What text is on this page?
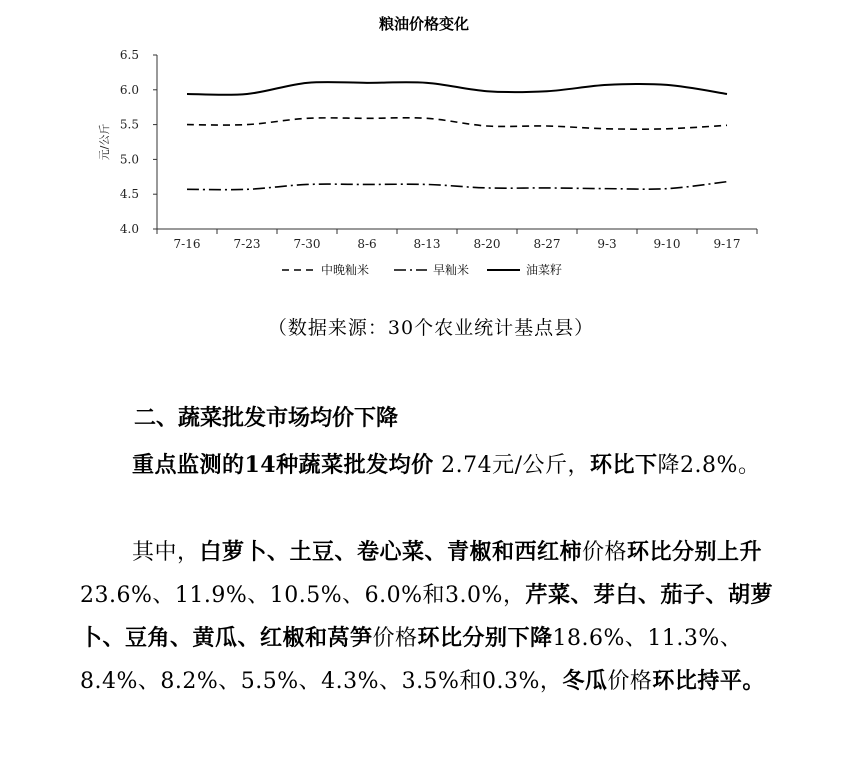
粮油价格变化
4.0
4.5
5.0
5.5
6.0
6.5
7-16	7-23	7-30	8-6	8-13	8-20	8-27	9-3	9-10	9-17
元/公斤
中晚籼米	早籼米	油菜籽
（数据来源：30个农业统计基点县）
二、蔬菜批发市场均价下降
重点监测的14种蔬菜批发均价 2.74元/公斤，环比下降2.8%。
其中，白萝卜、土豆、卷心菜、青椒和西红柿价格环比分别上升 23.6%、11.9%、10.5%、6.0%和3.0%，芹菜、芽白、茄子、胡萝卜、豆角、黄瓜、红椒和莴笋价格环比分别下降18.6%、11.3%、8.4%、8.2%、5.5%、4.3%、3.5%和0.3%，冬瓜价格环比持平。
